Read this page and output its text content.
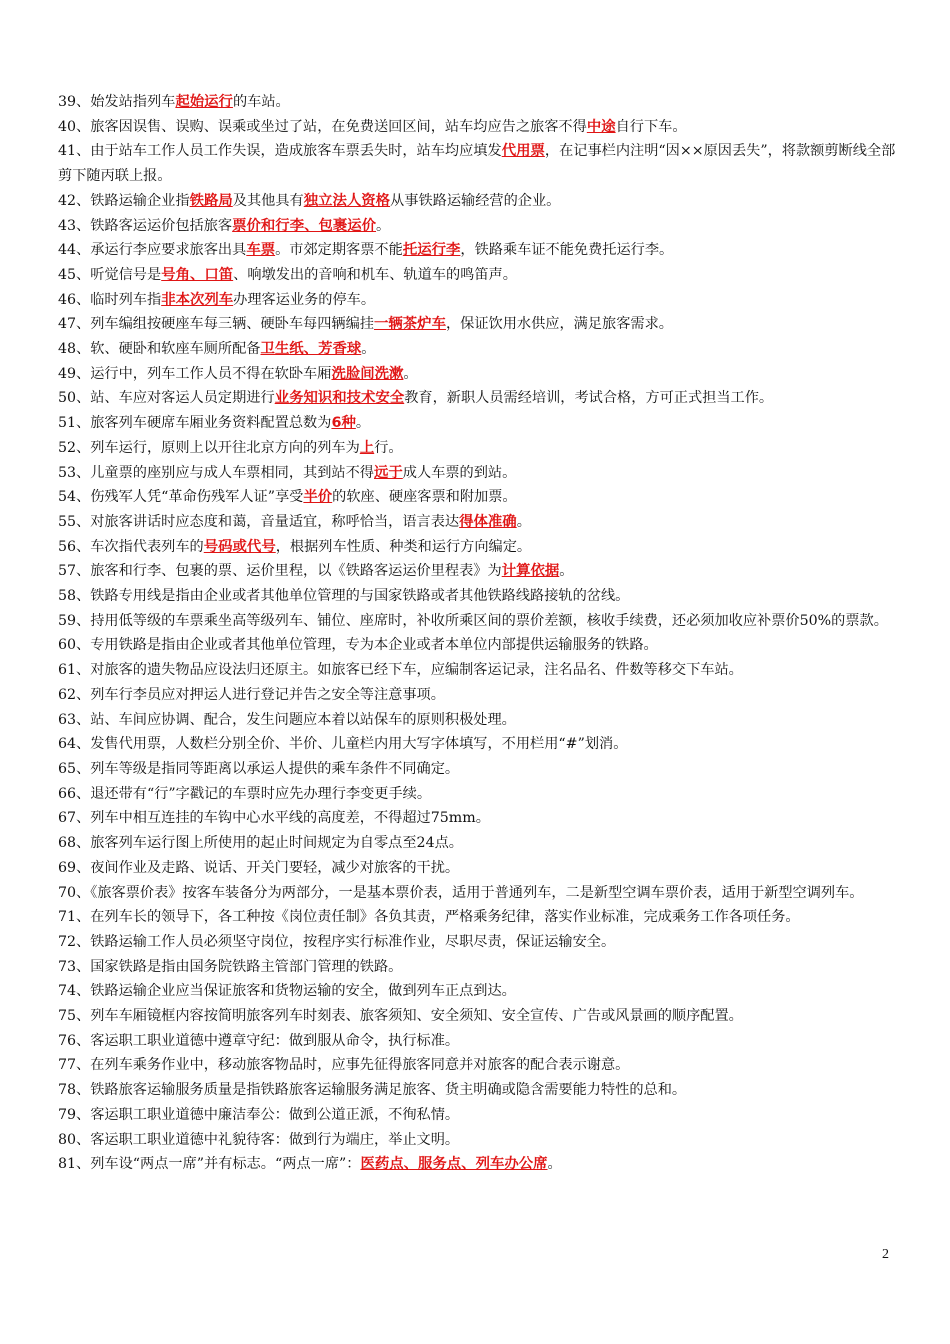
39、始发站指列车起始运行的车站。
40、旅客因误售、误购、误乘或坐过了站，在免费送回区间，站车均应告之旅客不得中途自行下车。
41、由于站车工作人员工作失误，造成旅客车票丢失时，站车均应填发代用票，在记事栏内注明“因××原因丢失”，将款额剪断线全部剪下随丙联上报。
42、铁路运输企业指铁路局及其他具有独立法人资格从事铁路运输经营的企业。
43、铁路客运运价包括旅客票价和行李、包裹运价。
44、承运行李应要求旅客出具车票。市郊定期客票不能托运行李，铁路乘车证不能免费托运行李。
45、听觉信号是号角、口笛、响墩发出的音响和机车、轨道车的鸣笛声。
46、临时列车指非本次列车办理客运业务的停车。
47、列车编组按硬座车每三辆、硬卧车每四辆编挂一辆茶炉车，保证饮用水供应，满足旅客需求。
48、软、硬卧和软座车厕所配备卫生纸、芳香球。
49、运行中，列车工作人员不得在软卧车厢洗脸间洗漱。
50、站、车应对客运人员定期进行业务知识和技术安全教育，新职人员需经培训，考试合格，方可正式担当工作。
51、旅客列车硬席车厢业务资料配置总数为6种。
52、列车运行，原则上以开往北京方向的列车为上行。
53、儿童票的座别应与成人车票相同，其到站不得远于成人车票的到站。
54、伤残军人凭“革命伤残军人证”享受半价的软座、硬座客票和附加票。
55、对旅客讲话时应态度和蔼，音量适宜，称呼恰当，语言表达得体准确。
56、车次指代表列车的号码或代号，根据列车性质、种类和运行方向编定。
57、旅客和行李、包裹的票、运价里程，以《铁路客运运价里程表》为计算依据。
58、铁路专用线是指由企业或者其他单位管理的与国家铁路或者其他铁路线路接轨的岔线。
59、持用低等级的车票乘坐高等级列车、铺位、座席时，补收所乘区间的票价差额，核收手续费，还必须加收应补票价50%的票款。
60、专用铁路是指由企业或者其他单位管理，专为本企业或者本单位内部提供运输服务的铁路。
61、对旅客的遗失物品应设法归还原主。如旅客已经下车，应编制客运记录，注名品名、件数等移交下车站。
62、列车行李员应对押运人进行登记并告之安全等注意事项。
63、站、车间应协调、配合，发生问题应本着以站保车的原则积极处理。
64、发售代用票，人数栏分别全价、半价、儿童栏内用大写字体填写，不用栏用“#”划消。
65、列车等级是指同等距离以承运人提供的乘车条件不同确定。
66、退还带有“行”字戳记的车票时应先办理行李变更手续。
67、列车中相互连挂的车钩中心水平线的高度差，不得超过75mm。
68、旅客列车运行图上所使用的起止时间规定为自零点至24点。
69、夜间作业及走路、说话、开关门要轻，减少对旅客的干扰。
70、《旅客票价表》按客车装备分为两部分，一是基本票价表，适用于普通列车，二是新型空调车票价表，适用于新型空调列车。
71、在列车长的领导下，各工种按《岗位责任制》各负其责，严格乘务纪律，落实作业标准，完成乘务工作各项任务。
72、铁路运输工作人员必须坚守岗位，按程序实行标准作业，尽职尽责，保证运输安全。
73、国家铁路是指由国务院铁路主管部门管理的铁路。
74、铁路运输企业应当保证旅客和货物运输的安全，做到列车正点到达。
75、列车车厢镜框内容按简明旅客列车时刻表、旅客须知、安全须知、安全宣传、广告或风景画的顺序配置。
76、客运职工职业道德中遵章守纪：做到服从命令，执行标准。
77、在列车乘务作业中，移动旅客物品时，应事先征得旅客同意并对旅客的配合表示谢意。
78、铁路旅客运输服务质量是指铁路旅客运输服务满足旅客、货主明确或隐含需要能力特性的总和。
79、客运职工职业道德中廉洁奉公：做到公道正派，不徇私情。
80、客运职工职业道德中礼貌待客：做到行为端庄，举止文明。
81、列车设“两点一席”并有标志。“两点一席”：医药点、服务点、列车办公席。
2
